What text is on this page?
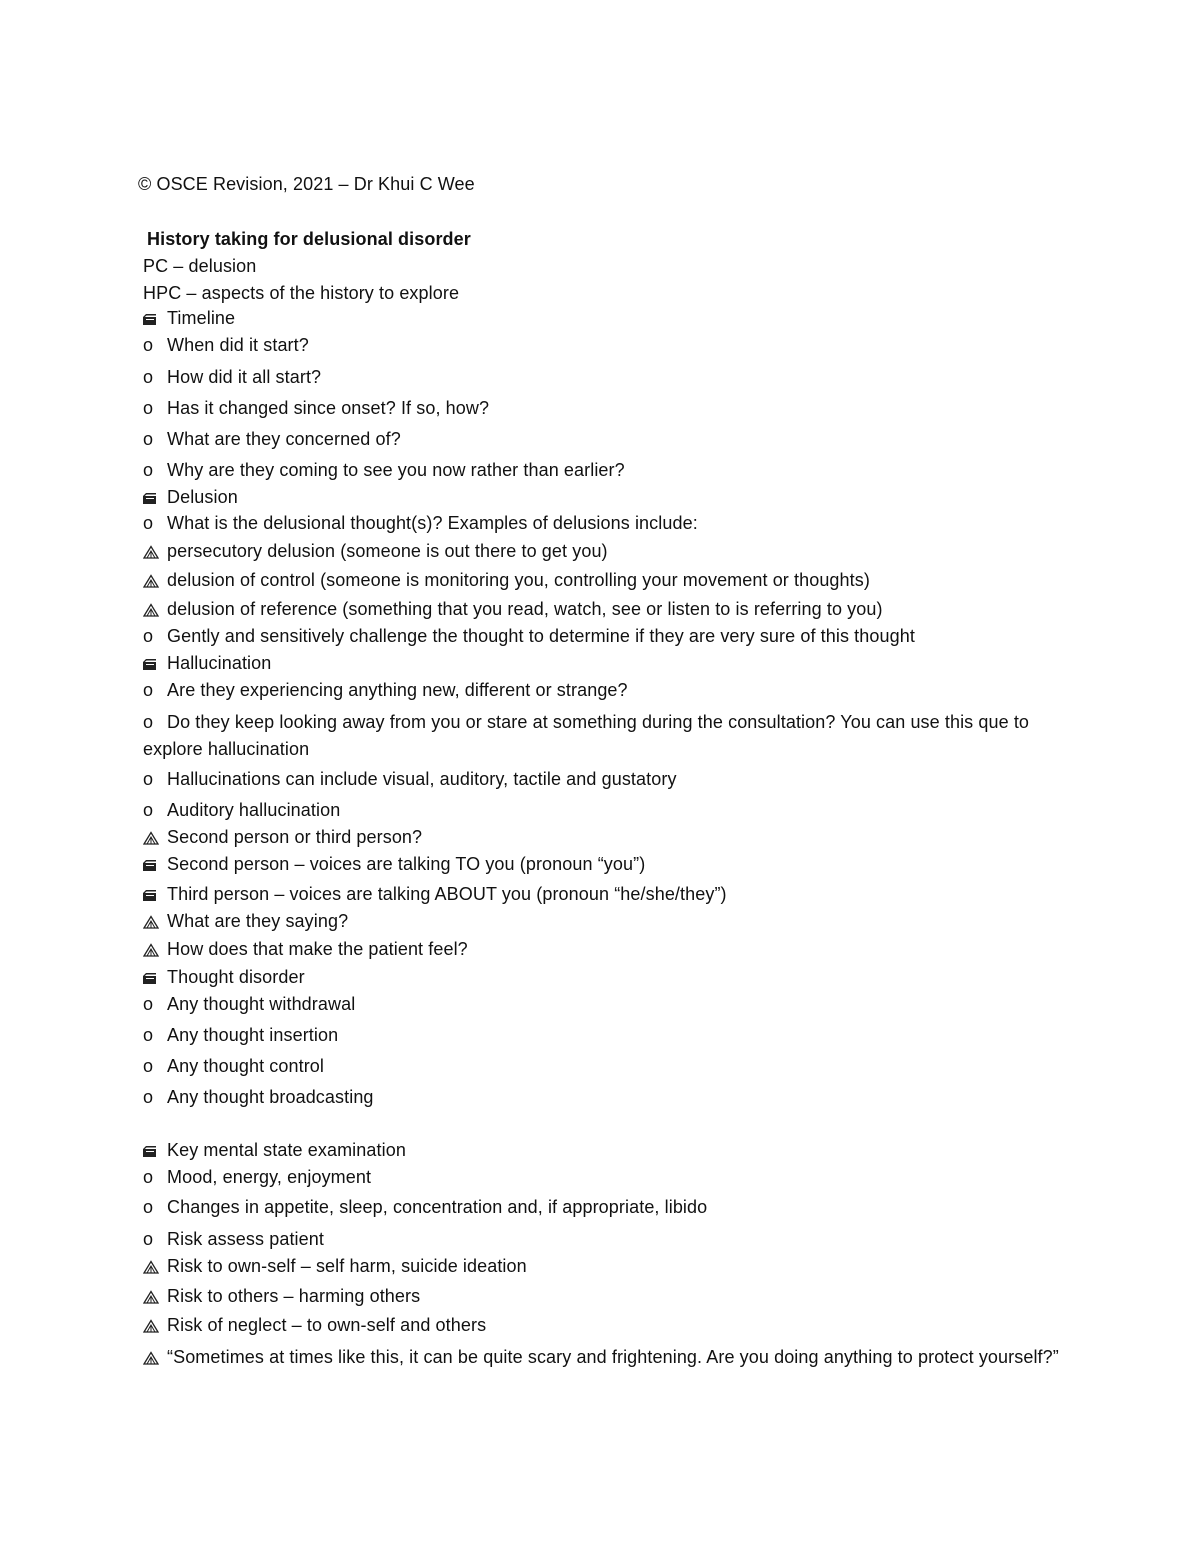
© OSCE Revision, 2021 – Dr Khui C Wee
History taking for delusional disorder
PC – delusion
HPC – aspects of the history to explore
Timeline
o When did it start?
o How did it all start?
o Has it changed since onset? If so, how?
o What are they concerned of?
o Why are they coming to see you now rather than earlier?
Delusion
o What is the delusional thought(s)? Examples of delusions include:
persecutory delusion (someone is out there to get you)
delusion of control (someone is monitoring you, controlling your movement or thoughts)
delusion of reference (something that you read, watch, see or listen to is referring to you)
o Gently and sensitively challenge the thought to determine if they are very sure of this thought
Hallucination
o Are they experiencing anything new, different or strange?
o Do they keep looking away from you or stare at something during the consultation? You can use this que to explore hallucination
o Hallucinations can include visual, auditory, tactile and gustatory
o Auditory hallucination
Second person or third person?
Second person – voices are talking TO you (pronoun “you”)
Third person – voices are talking ABOUT you (pronoun “he/she/they”)
What are they saying?
How does that make the patient feel?
Thought disorder
o Any thought withdrawal
o Any thought insertion
o Any thought control
o Any thought broadcasting
Key mental state examination
o Mood, energy, enjoyment
o Changes in appetite, sleep, concentration and, if appropriate, libido
o Risk assess patient
Risk to own-self – self harm, suicide ideation
Risk to others – harming others
Risk of neglect – to own-self and others
“Sometimes at times like this, it can be quite scary and frightening. Are you doing anything to protect yourself?”
